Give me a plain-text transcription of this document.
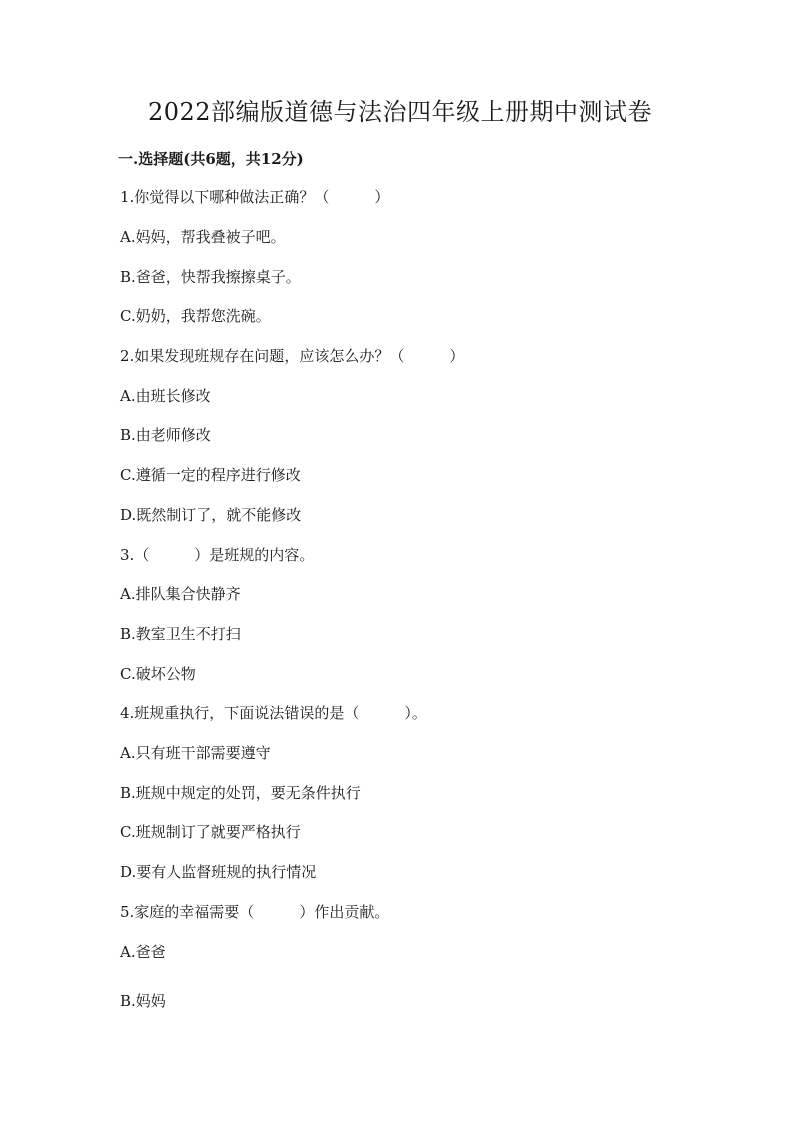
2022部编版道德与法治四年级上册期中测试卷
一.选择题(共6题，共12分)
1.你觉得以下哪种做法正确？（　　　）
A.妈妈，帮我叠被子吧。
B.爸爸，快帮我擦擦桌子。
C.奶奶，我帮您洗碗。
2.如果发现班规存在问题，应该怎么办？（　　　）
A.由班长修改
B.由老师修改
C.遵循一定的程序进行修改
D.既然制订了，就不能修改
3.（　　　）是班规的内容。
A.排队集合快静齐
B.教室卫生不打扫
C.破坏公物
4.班规重执行，下面说法错误的是（　　　）。
A.只有班干部需要遵守
B.班规中规定的处罚，要无条件执行
C.班规制订了就要严格执行
D.要有人监督班规的执行情况
5.家庭的幸福需要（　　　）作出贡献。
A.爸爸
B.妈妈
